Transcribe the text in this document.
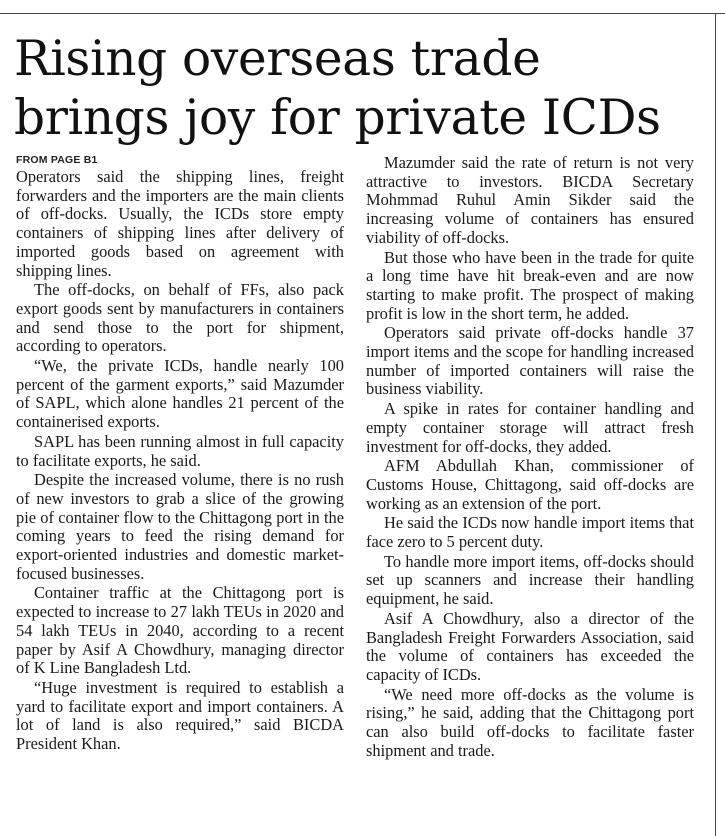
Rising overseas trade brings joy for private ICDs
FROM PAGE B1

Operators said the shipping lines, freight forwarders and the importers are the main clients of off-docks. Usually, the ICDs store empty containers of shipping lines after delivery of imported goods based on agreement with shipping lines.

The off-docks, on behalf of FFs, also pack export goods sent by manufacturers in containers and send those to the port for shipment, according to operators.

“We, the private ICDs, handle nearly 100 percent of the garment exports,” said Mazumder of SAPL, which alone handles 21 percent of the containerised exports.

SAPL has been running almost in full capacity to facilitate exports, he said.

Despite the increased volume, there is no rush of new investors to grab a slice of the growing pie of container flow to the Chittagong port in the coming years to feed the rising demand for export-oriented industries and domestic market-focused businesses.

Container traffic at the Chittagong port is expected to increase to 27 lakh TEUs in 2020 and 54 lakh TEUs in 2040, according to a recent paper by Asif A Chowdhury, managing director of K Line Bangladesh Ltd.

“Huge investment is required to establish a yard to facilitate export and import containers. A lot of land is also required,” said BICDA President Khan.

Mazumder said the rate of return is not very attractive to investors. BICDA Secretary Mohmmad Ruhul Amin Sikder said the increasing volume of containers has ensured viability of off-docks.

But those who have been in the trade for quite a long time have hit break-even and are now starting to make profit. The prospect of making profit is low in the short term, he added.

Operators said private off-docks handle 37 import items and the scope for handling increased number of imported containers will raise the business viability.

A spike in rates for container handling and empty container storage will attract fresh investment for off-docks, they added.

AFM Abdullah Khan, commissioner of Customs House, Chittagong, said off-docks are working as an extension of the port.

He said the ICDs now handle import items that face zero to 5 percent duty.

To handle more import items, off-docks should set up scanners and increase their handling equipment, he said.

Asif A Chowdhury, also a director of the Bangladesh Freight Forwarders Association, said the volume of containers has exceeded the capacity of ICDs.

“We need more off-docks as the volume is rising,” he said, adding that the Chittagong port can also build off-docks to facilitate faster shipment and trade.
